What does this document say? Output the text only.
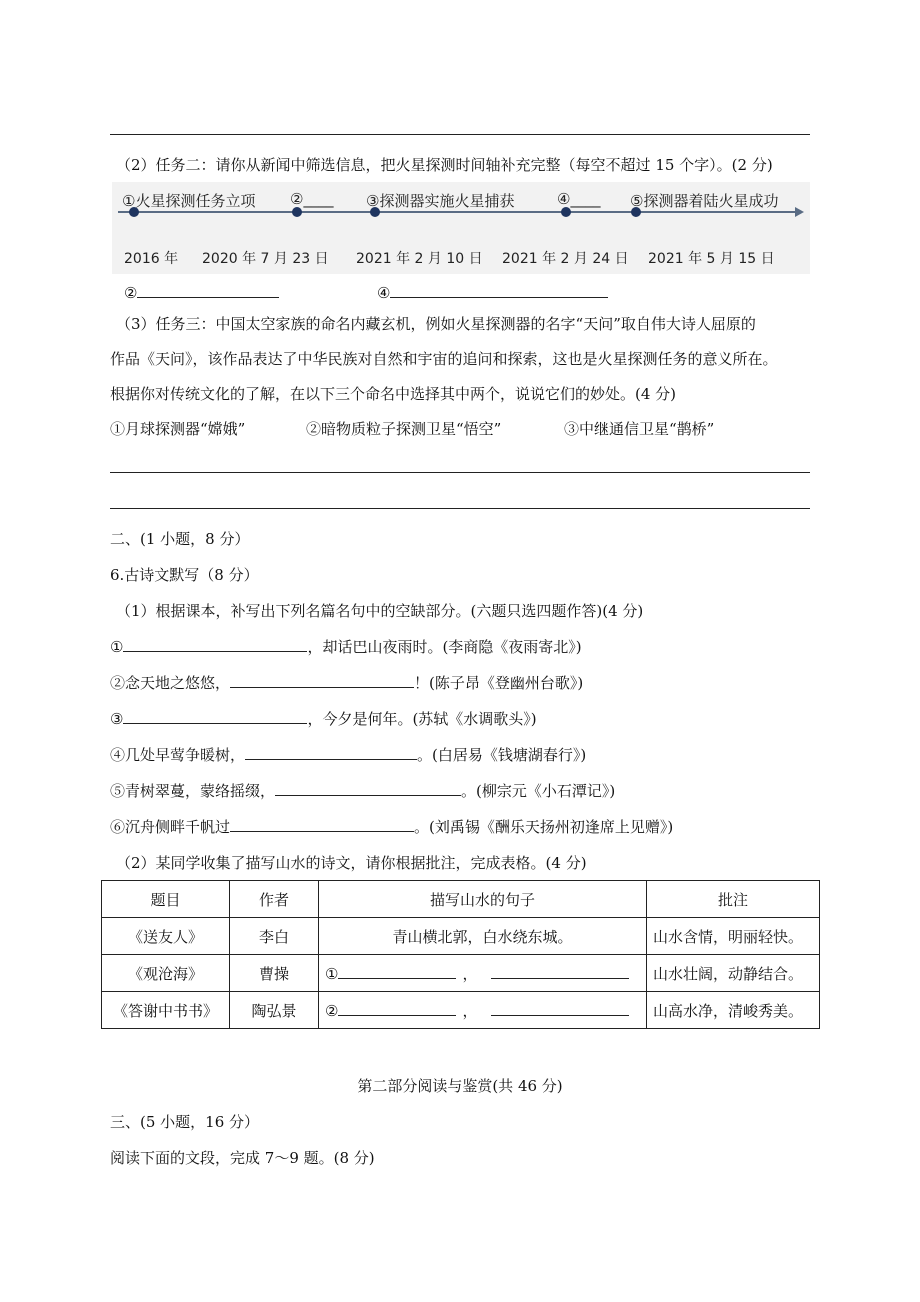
（2）任务二：请你从新闻中筛选信息，把火星探测时间轴补充完整（每空不超过 15 个字）。(2 分)
①火星探测任务立项 ②____ ③探测器实施火星捕获	④____ ⑤探测器着陆火星成功
2016 年 2020 年 7 月 23 日 2021 年 2 月 10 日 2021 年 2 月 24 日 2021 年 5 月 15 日
②	④
（3）任务三：中国太空家族的命名内藏玄机，例如火星探测器的名字“天问”取自伟大诗人屈原的
作品《天问》，该作品表达了中华民族对自然和宇宙的追问和探索，这也是火星探测任务的意义所在。
根据你对传统文化的了解，在以下三个命名中选择其中两个，说说它们的妙处。(4 分)
①月球探测器“嫦娥”	②暗物质粒子探测卫星“悟空”	③中继通信卫星“鹊桥”
二、(1 小题，8 分）
6.古诗文默写（8 分）
（1）根据课本，补写出下列名篇名句中的空缺部分。(六题只选四题作答)(4 分)
①	，却话巴山夜雨时。(李商隐《夜雨寄北》)
②念天地之悠悠，	！(陈子昂《登幽州台歌》)
③	，今夕是何年。(苏轼《水调歌头》)
④几处早莺争暖树，	。(白居易《钱塘湖春行》)
⑤青树翠蔓，蒙络摇缀，	。(柳宗元《小石潭记》)
⑥沉舟侧畔千帆过	。(刘禹锡《酬乐天扬州初逢席上见赠》)
（2）某同学收集了描写山水的诗文，请你根据批注，完成表格。(4 分)
题目	作者	描写山水的句子	批注
《送友人》	李白	青山横北郭，白水绕东城。	山水含情，明丽轻快。
《观沧海》	曹操	① ，	山水壮阔，动静结合。
《答谢中书书》	陶弘景	② ，	山高水净，清峻秀美。
第二部分阅读与鉴赏(共 46 分)
三、(5 小题，16 分）
阅读下面的文段，完成 7～9 题。(8 分)
